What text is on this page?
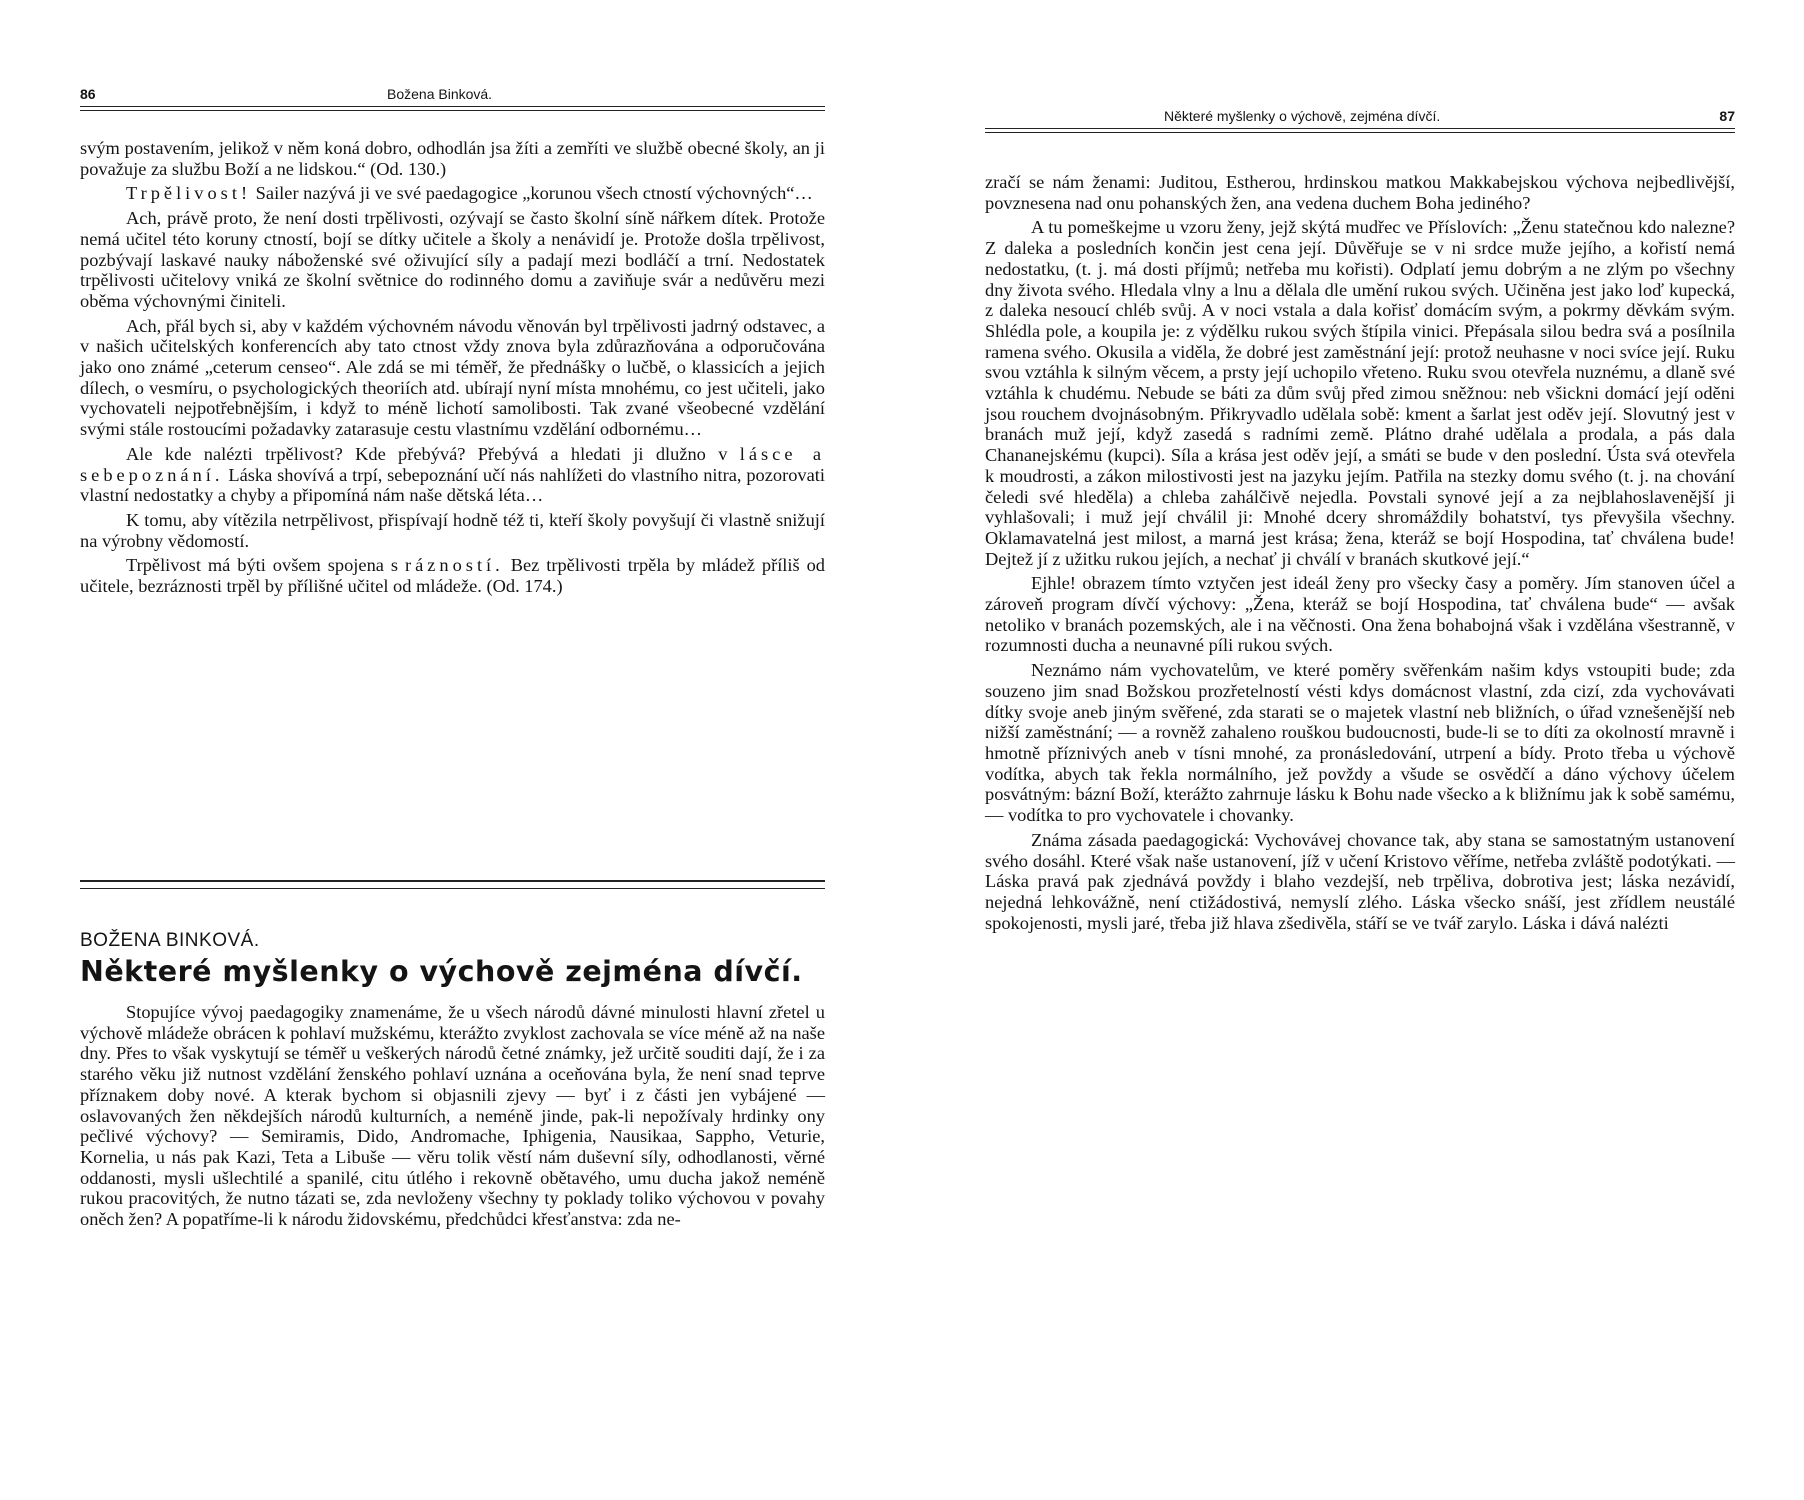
86	Božena Binková.

svým postavením, jelikož v něm koná dobro, odhodlán jsa žíti a zemříti ve službě obecné školy, an ji považuje za službu Boží a ne lidskou.“ (Od. 130.)

Trpělivost! Sailer nazývá ji ve své paedagogice „korunou všech ctností výchovných“…

Ach, právě proto, že není dosti trpělivosti, ozývají se často školní síně nářkem dítek. Protože nemá učitel této koruny ctností, bojí se dítky učitele a školy a nenávidí je. Protože došla trpělivost, pozbývají laskavé nauky náboženské své oživující síly a padají mezi bodláčí a trní. Nedostatek trpělivosti učitelovy vniká ze školní světnice do rodinného domu a zaviňuje svár a nedůvěru mezi oběma výchovnými činiteli.

Ach, přál bych si, aby v každém výchovném návodu věnován byl trpělivosti jadrný odstavec, a v našich učitelských konferencích aby tato ctnost vždy znova byla zdůrazňována a odporučována jako ono známé „ceterum censeo“. Ale zdá se mi téměř, že přednášky o lučbě, o klassicích a jejich dílech, o vesmíru, o psychologických theoriích atd. ubírají nyní místa mnohému, co jest učiteli, jako vychovateli nejpotřebnějším, i když to méně lichotí samolibosti. Tak zvané všeobecné vzdělání svými stále rostoucími požadavky zatarasuje cestu vlastnímu vzdělání odbornému…

Ale kde nalézti trpělivost? Kde přebývá? Přebývá a hledati ji dlužno v lásce a sebepoznání. Láska shovívá a trpí, sebepoznání učí nás nahlížeti do vlastního nitra, pozorovati vlastní nedostatky a chyby a připomíná nám naše dětská léta…

K tomu, aby vítězila netrpělivost, přispívají hodně též ti, kteří školy povyšují či vlastně snižují na výrobny vědomostí.

Trpělivost má býti ovšem spojena s rázností. Bez trpělivosti trpěla by mládež příliš od učitele, bezráznosti trpěl by přílišné učitel od mládeže. (Od. 174.)

BOŽENA BINKOVÁ.
Některé myšlenky o výchově zejména dívčí.

Stopujíce vývoj paedagogiky znamenáme, že u všech národů dávné minulosti hlavní zřetel u výchově mládeže obrácen k pohlaví mužskému, kterážto zvyklost zachovala se více méně až na naše dny. Přes to však vyskytují se téměř u veškerých národů četné známky, jež určitě souditi dají, že i za starého věku již nutnost vzdělání ženského pohlaví uznána a oceňována byla, že není snad teprve příznakem doby nové. A kterak bychom si objasnili zjevy — byť i z části jen vybájené — oslavovaných žen někdejších národů kulturních, a neméně jinde, pak-li nepožívaly hrdinky ony pečlivé výchovy? — Semiramis, Dido, Andromache, Iphigenia, Nausikaa, Sappho, Veturie, Kornelia, u nás pak Kazi, Teta a Libuše — věru tolik věstí nám duševní síly, odhodlanosti, věrné oddanosti, mysli ušlechtilé a spanilé, citu útlého i rekovně obětavého, umu ducha jakož neméně rukou pracovitých, že nutno tázati se, zda nevloženy všechny ty poklady toliko výchovou v povahy oněch žen? A popatříme-li k národu židovskému, předchůdci křesťanstva: zda ne-

Některé myšlenky o výchově, zejména dívčí.	87

zračí se nám ženami: Juditou, Estherou, hrdinskou matkou Makkabejskou výchova nejbedlivější, povznesena nad onu pohanských žen, ana vedena duchem Boha jediného?

A tu pomeškejme u vzoru ženy, jejž skýtá mudřec ve Příslovích: „Ženu statečnou kdo nalezne? Z daleka a posledních končin jest cena její. Důvěřuje se v ni srdce muže jejího, a kořistí nemá nedostatku, (t. j. má dosti příjmů; netřeba mu kořisti). Odplatí jemu dobrým a ne zlým po všechny dny života svého. Hledala vlny a lnu a dělala dle umění rukou svých. Učiněna jest jako loď kupecká, z daleka nesoucí chléb svůj. A v noci vstala a dala kořisť domácím svým, a pokrmy děvkám svým. Shlédla pole, a koupila je: z výdělku rukou svých štípila vinici. Přepásala silou bedra svá a posílnila ramena svého. Okusila a viděla, že dobré jest zaměstnání její: protož neuhasne v noci svíce její. Ruku svou vztáhla k silným věcem, a prsty její uchopilo vřeteno. Ruku svou otevřela nuznému, a dlaně své vztáhla k chudému. Nebude se báti za dům svůj před zimou sněžnou: neb všickni domácí její oděni jsou rouchem dvojnásobným. Přikryvadlo udělala sobě: kment a šarlat jest oděv její. Slovutný jest v branách muž její, když zasedá s radními země. Plátno drahé udělala a prodala, a pás dala Chananejskému (kupci). Síla a krása jest oděv její, a smáti se bude v den poslední. Ústa svá otevřela k moudrosti, a zákon milostivosti jest na jazyku jejím. Patřila na stezky domu svého (t. j. na chování čeledi své hleděla) a chleba zahálčivě nejedla. Povstali synové její a za nejblahoslavenější ji vyhlašovali; i muž její chválil ji: Mnohé dcery shromáždily bohatství, tys převyšila všechny. Oklamavatelná jest milost, a marná jest krása; žena, kteráž se bojí Hospodina, tať chválena bude! Dejtež jí z užitku rukou jejích, a nechať ji chválí v branách skutkové její.“

Ejhle! obrazem tímto vztyčen jest ideál ženy pro všecky časy a poměry. Jím stanoven účel a zároveň program dívčí výchovy: „Žena, kteráž se bojí Hospodina, tať chválena bude“ — avšak netoliko v branách pozemských, ale i na věčnosti. Ona žena bohabojná však i vzdělána všestranně, v rozumnosti ducha a neunavné píli rukou svých.

Neznámo nám vychovatelům, ve které poměry svěřenkám našim kdys vstoupiti bude; zda souzeno jim snad Božskou prozřetelností vésti kdys domácnost vlastní, zda cizí, zda vychovávati dítky svoje aneb jiným svěřené, zda starati se o majetek vlastní neb bližních, o úřad vznešenější neb nižší zaměstnání; — a rovněž zahaleno rouškou budoucnosti, bude-li se to díti za okolností mravně i hmotně příznivých aneb v tísni mnohé, za pronásledování, utrpení a bídy. Proto třeba u výchově vodítka, abych tak řekla normálního, jež povždy a všude se osvědčí a dáno výchovy účelem posvátným: bázní Boží, kterážto zahrnuje lásku k Bohu nade všecko a k bližnímu jak k sobě samému, — vodítka to pro vychovatele i chovanky.

Známa zásada paedagogická: Vychovávej chovance tak, aby stana se samostatným ustanovení svého dosáhl. Které však naše ustanovení, jíž v učení Kristovo věříme, netřeba zvláště podotýkati. — Láska pravá pak zjednává povždy i blaho vezdejší, neb trpěliva, dobrotiva jest; láska nezávidí, nejedná lehkovážně, není ctižádostivá, nemyslí zlého. Láska všecko snáší, jest zřídlem neustálé spokojenosti, mysli jaré, třeba již hlava zšedivěla, stáří se ve tvář zarylo. Láska i dává nalézti
